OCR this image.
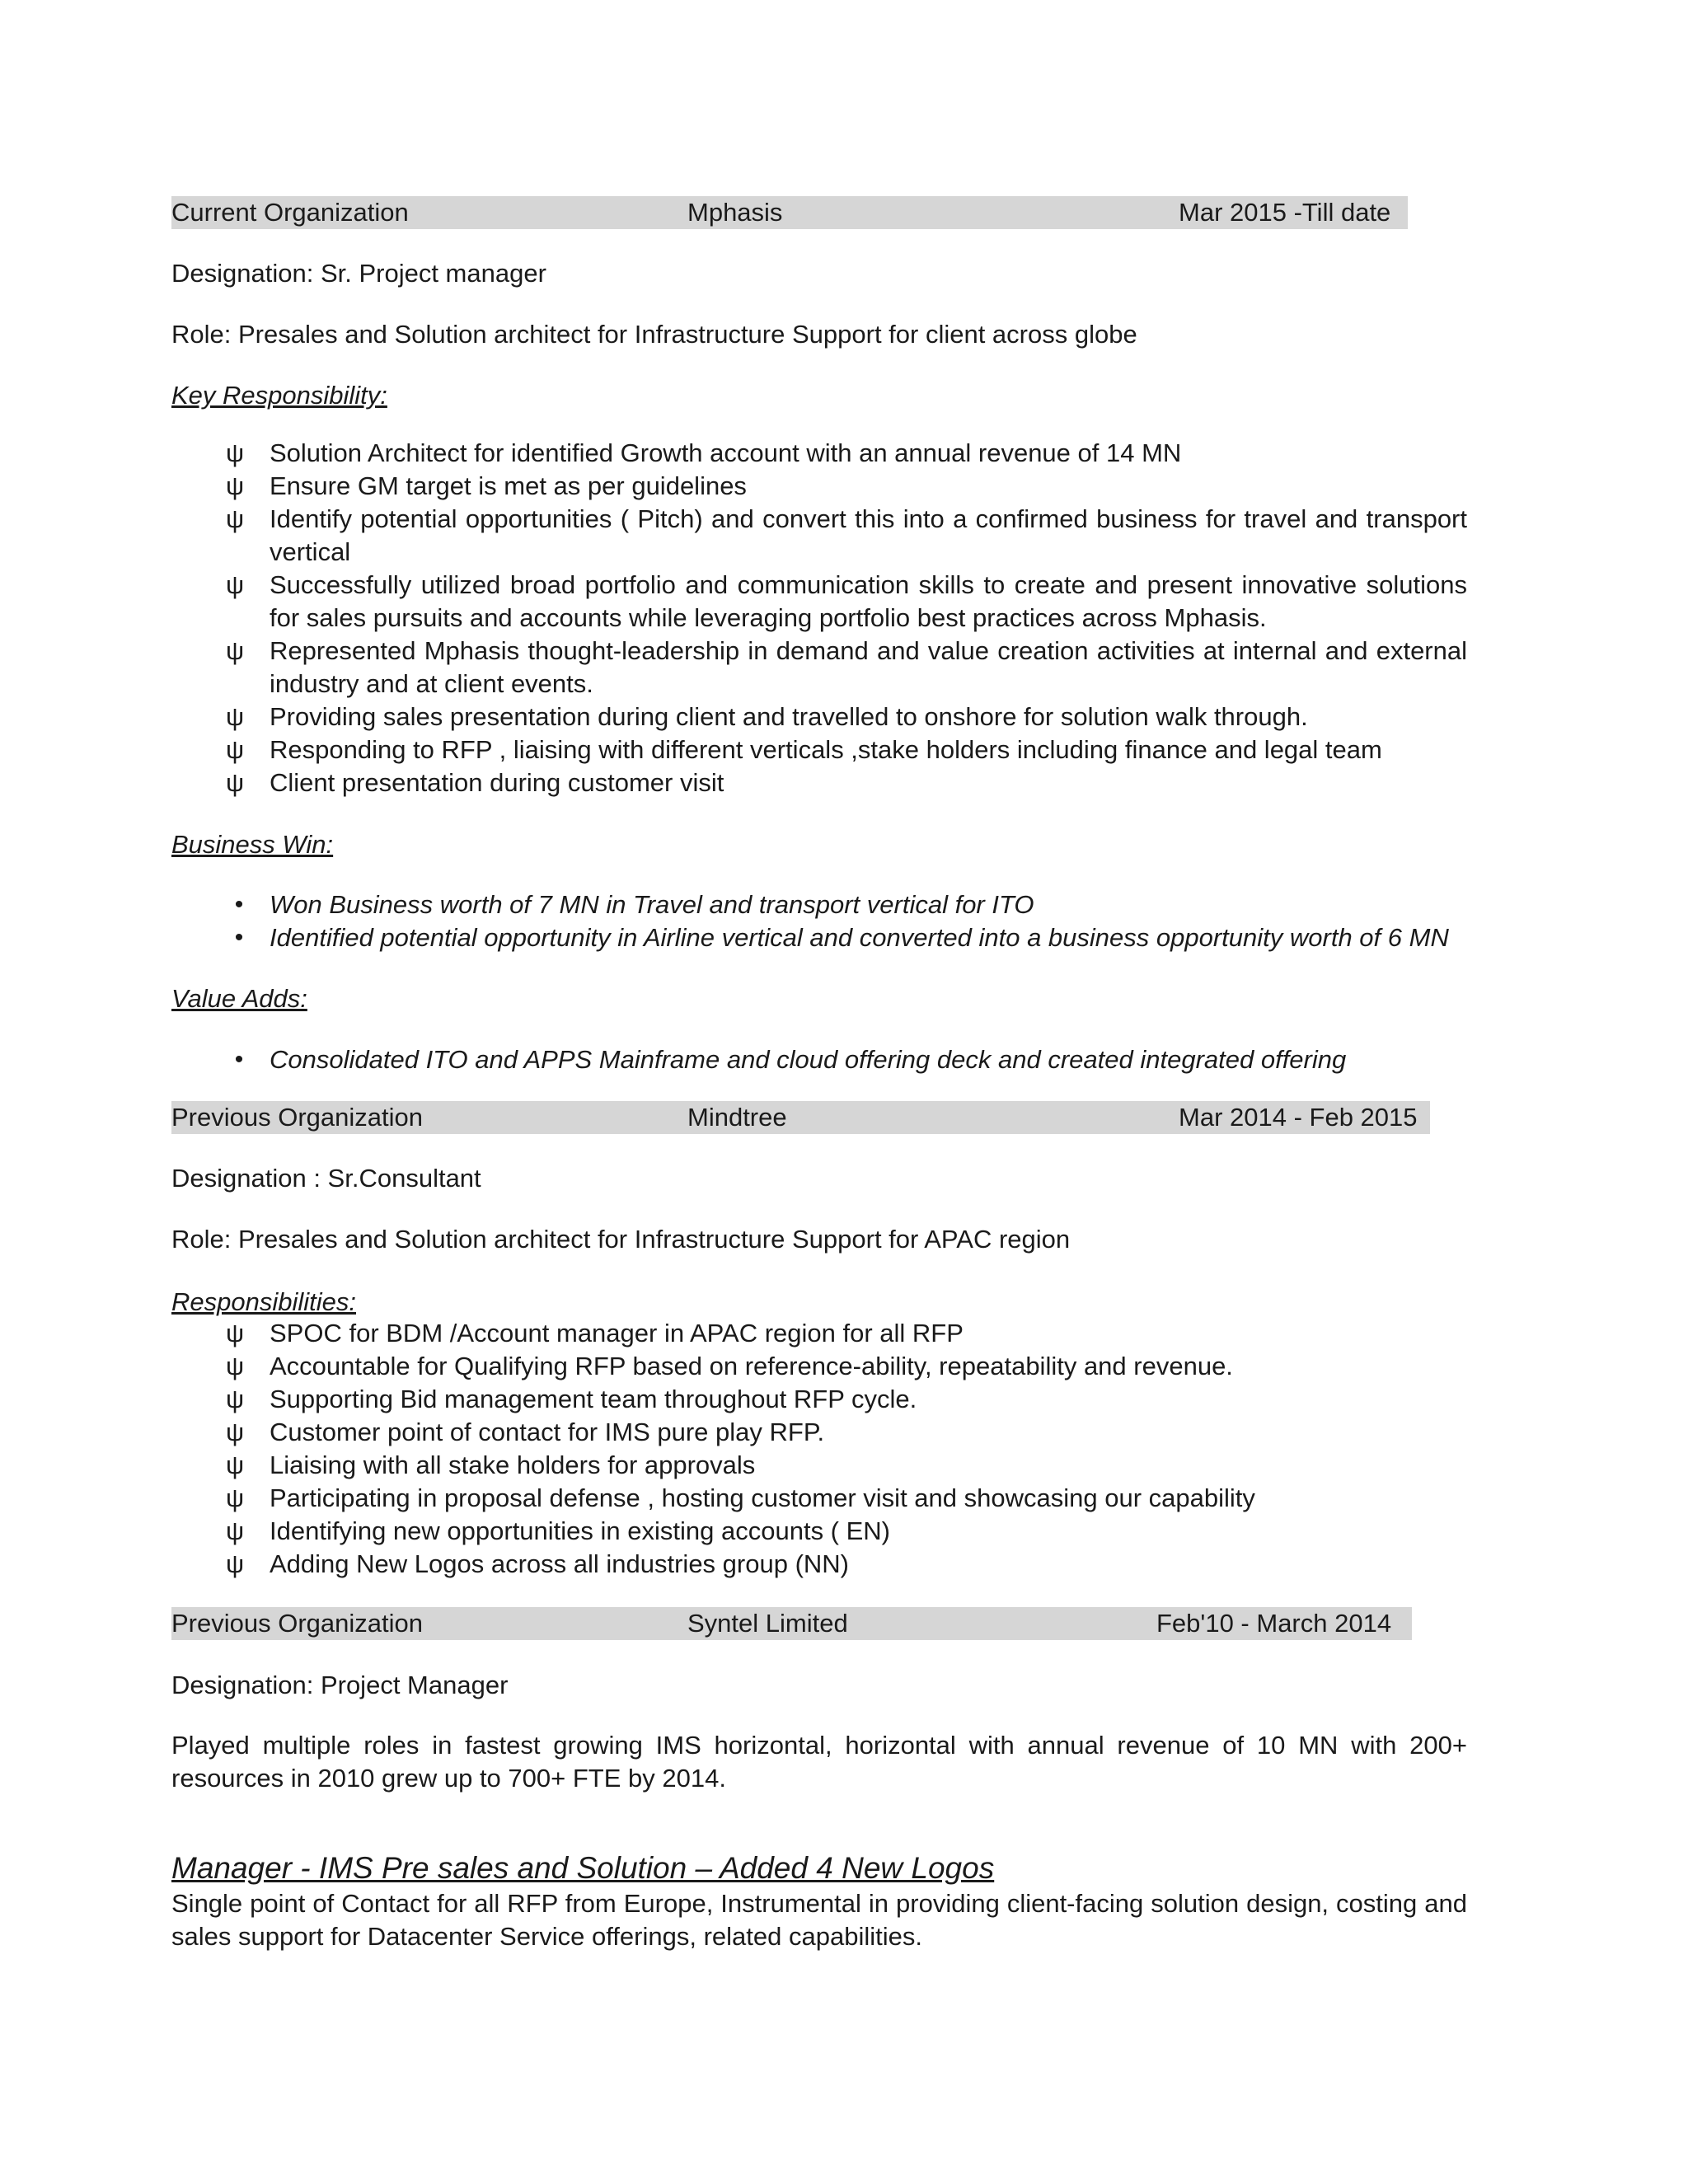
Current Organization	Mphasis	Mar 2015 -Till date

Designation: Sr. Project manager

Role: Presales and Solution architect for Infrastructure Support for client across globe

Key Responsibility:

ψ Solution Architect for identified Growth account with an annual revenue of 14 MN

ψ Ensure GM target is met as per guidelines

ψ Identify potential opportunities ( Pitch) and convert this into a confirmed business for travel and transport vertical

ψ Successfully utilized broad portfolio and communication skills to create and present innovative solutions for sales pursuits and accounts while leveraging portfolio best practices across Mphasis.

ψ Represented Mphasis thought-leadership in demand and value creation activities at internal and external industry and at client events.

ψ Providing sales presentation during client and travelled to onshore for solution walk through.

ψ Responding to RFP , liaising with different verticals ,stake holders including finance and legal team

ψ Client presentation during customer visit

Business Win:

•	Won Business worth of 7 MN in Travel and transport vertical for ITO

•	Identified potential opportunity in Airline vertical and converted into a business opportunity worth of 6 MN

Value Adds:

•	Consolidated ITO and APPS Mainframe and cloud offering deck and created integrated offering

Previous Organization	Mindtree	Mar 2014 - Feb 2015

Designation : Sr.Consultant

Role: Presales and Solution architect for Infrastructure Support for APAC region

Responsibilities:

ψ SPOC for BDM /Account manager in APAC region for all RFP

ψ Accountable for Qualifying RFP based on reference-ability, repeatability and revenue.

ψ Supporting Bid management team throughout RFP cycle.

ψ Customer point of contact for IMS pure play RFP.

ψ Liaising with all stake holders for approvals

ψ Participating in proposal defense , hosting customer visit and showcasing our capability

ψ Identifying new opportunities in existing accounts ( EN)

ψ Adding New Logos across all industries group (NN)

Previous Organization	Syntel Limited	Feb'10 - March 2014

Designation: Project Manager

Played multiple roles in fastest growing IMS horizontal, horizontal with annual revenue of 10 MN with 200+ resources in 2010 grew up to 700+ FTE by 2014.

Manager - IMS Pre sales and Solution – Added 4 New Logos

Single point of Contact for all RFP from Europe, Instrumental in providing client-facing solution design, costing and sales support for Datacenter Service offerings, related capabilities.
